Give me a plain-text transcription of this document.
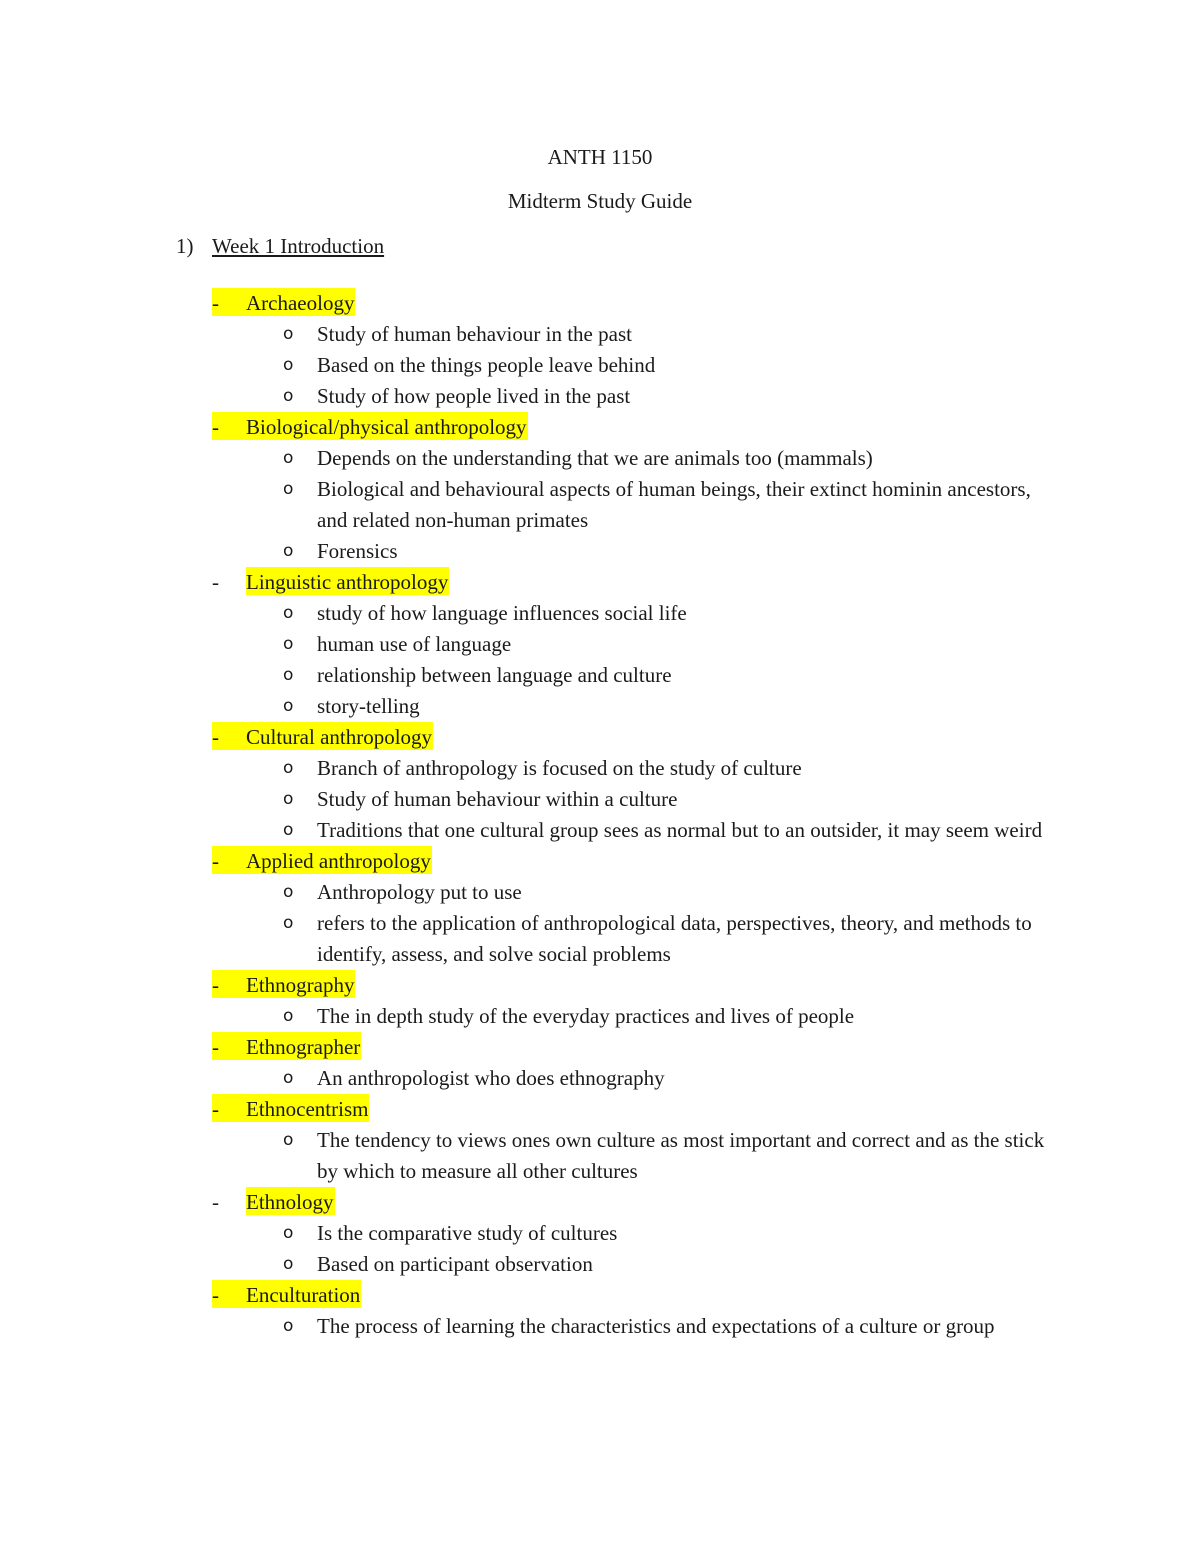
ANTH 1150
Midterm Study Guide
1) Week 1 Introduction
-	Archaeology
o Study of human behaviour in the past
o Based on the things people leave behind
o Study of how people lived in the past
-	Biological/physical anthropology
o Depends on the understanding that we are animals too (mammals)
o Biological and behavioural aspects of human beings, their extinct hominin ancestors, and related non-human primates
o Forensics
-	Linguistic anthropology
o study of how language influences social life
o human use of language
o relationship between language and culture
o story-telling
-	Cultural anthropology
o Branch of anthropology is focused on the study of culture
o Study of human behaviour within a culture
o Traditions that one cultural group sees as normal but to an outsider, it may seem weird
-	Applied anthropology
o Anthropology put to use
o refers to the application of anthropological data, perspectives, theory, and methods to identify, assess, and solve social problems
-	Ethnography
o The in depth study of the everyday practices and lives of people
-	Ethnographer
o An anthropologist who does ethnography
-	Ethnocentrism
o The tendency to views ones own culture as most important and correct and as the stick by which to measure all other cultures
-	Ethnology
o Is the comparative study of cultures
o Based on participant observation
-	Enculturation
o The process of learning the characteristics and expectations of a culture or group
